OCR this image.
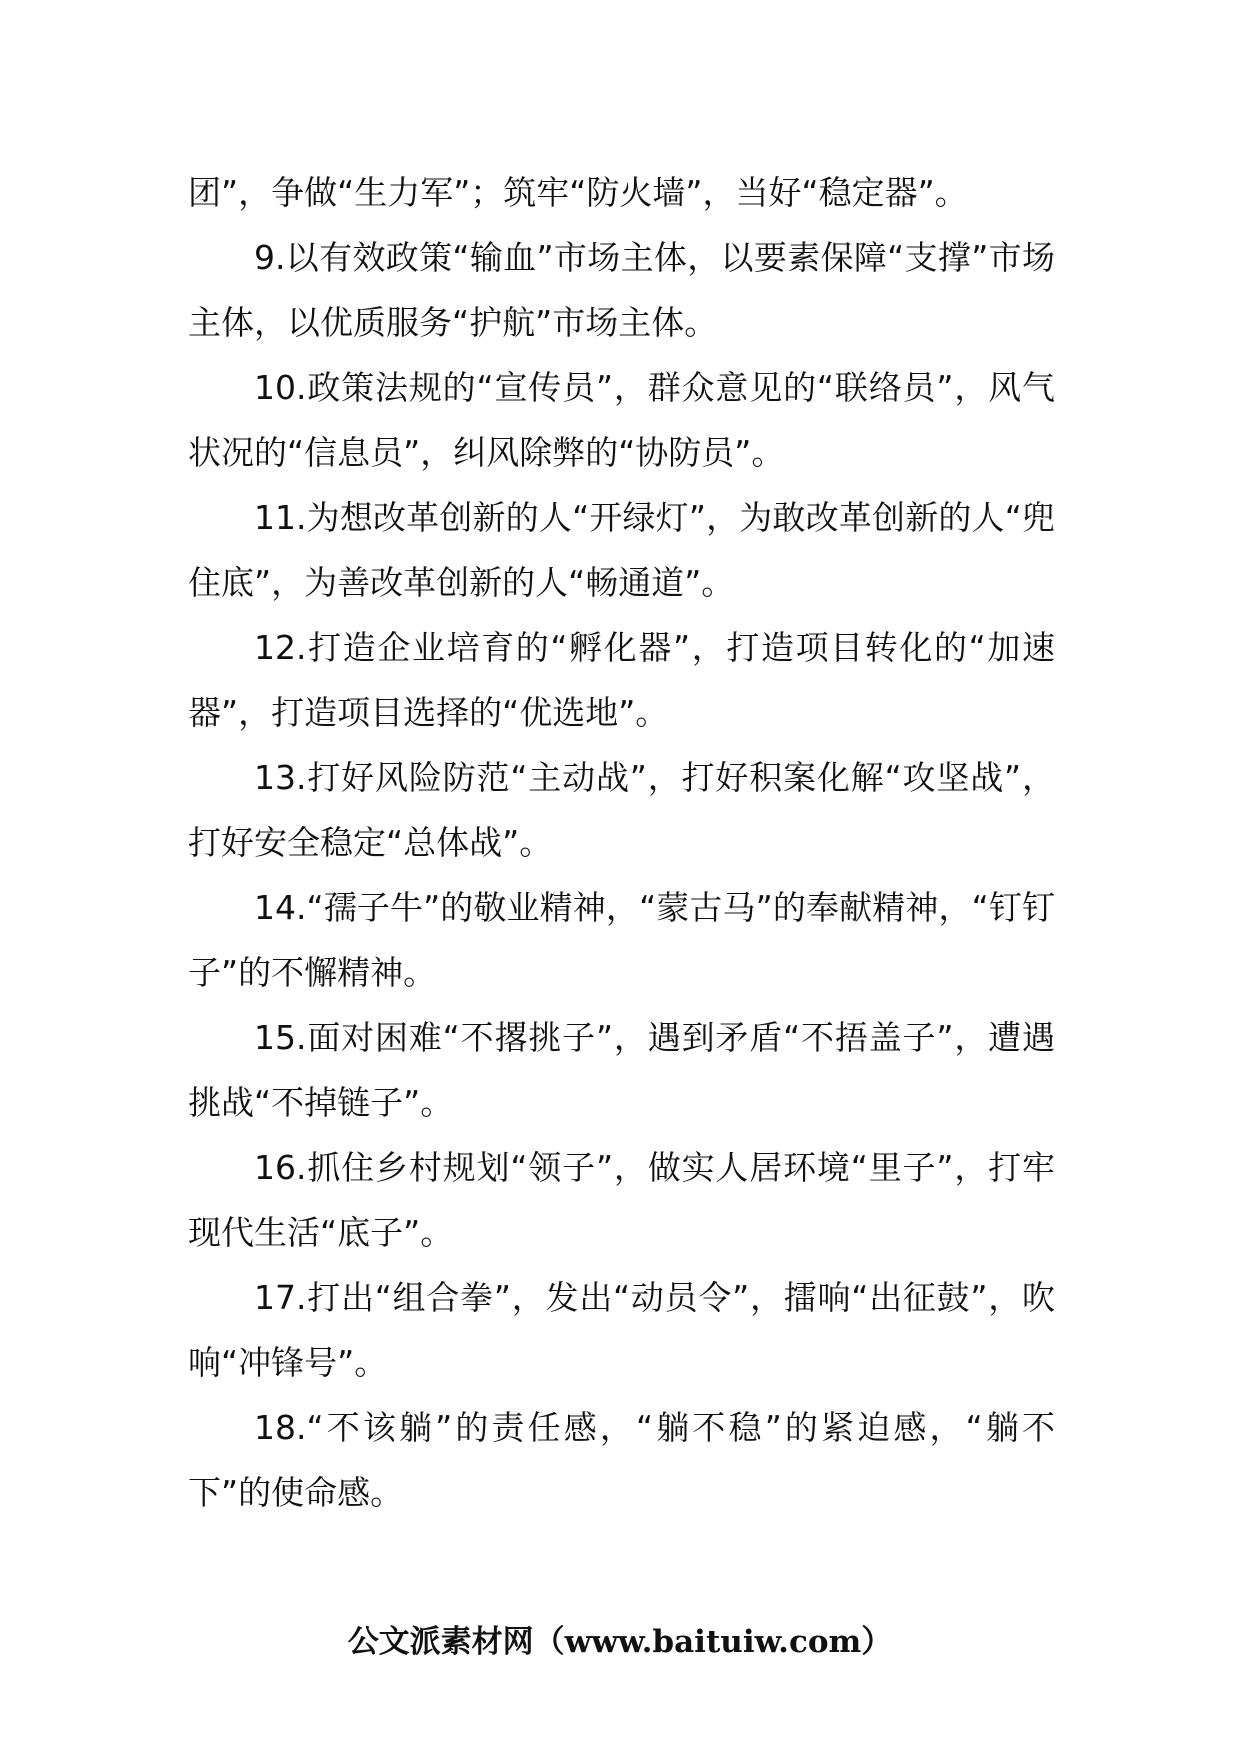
团”，争做“生力军”；筑牢“防火墙”，当好“稳定器”。

9.以有效政策“输血”市场主体，以要素保障“支撑”市场主体，以优质服务“护航”市场主体。

10.政策法规的“宣传员”，群众意见的“联络员”，风气状况的“信息员”，纠风除弊的“协防员”。

11.为想改革创新的人“开绿灯”，为敢改革创新的人“兜住底”，为善改革创新的人“畅通道”。

12.打造企业培育的“孵化器”，打造项目转化的“加速器”，打造项目选择的“优选地”。

13.打好风险防范“主动战”，打好积案化解“攻坚战”，打好安全稳定“总体战”。

14.“孺子牛”的敬业精神，“蒙古马”的奉献精神，“钉钉子”的不懈精神。

15.面对困难“不撂挑子”，遇到矛盾“不捂盖子”，遭遇挑战“不掉链子”。

16.抓住乡村规划“领子”，做实人居环境“里子”，打牢现代生活“底子”。

17.打出“组合拳”，发出“动员令”，擂响“出征鼓”，吹响“冲锋号”。

18.“不该躺”的责任感，“躺不稳”的紧迫感，“躺不下”的使命感。

公文派素材网（www.baituiw.com）
